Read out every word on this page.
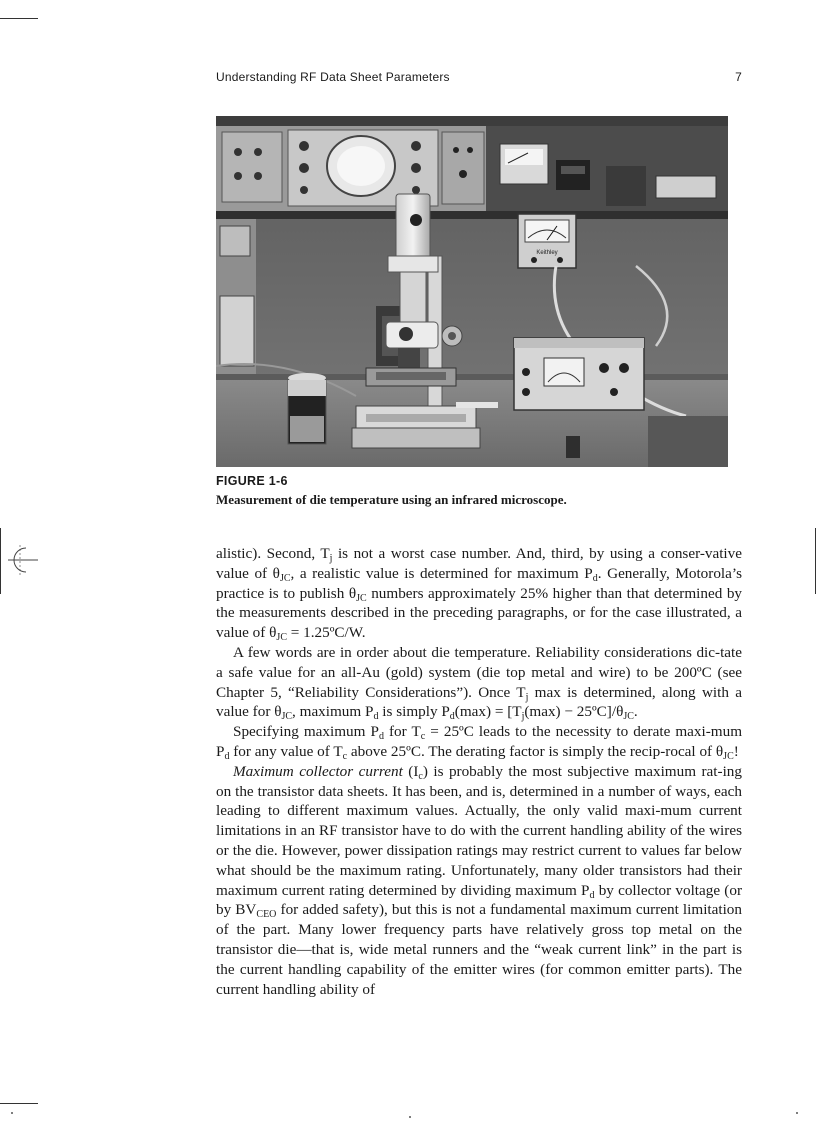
Understanding RF Data Sheet Parameters	7
Keithley
FIGURE 1-6
Measurement of die temperature using an infrared microscope.

alistic). Second, $T_j$ is not a worst case number. And, third, by using a conser-vative value of $\theta_{JC}$, a realistic value is determined for maximum $P_d$. Generally, Motorola’s practice is to publish $\theta_{JC}$ numbers approximately 25% higher than that determined by the measurements described in the preceding paragraphs, or for the case illustrated, a value of $\theta_{JC}$ = 1.25ºC/W.

A few words are in order about die temperature. Reliability considerations dic-tate a safe value for an all-Au (gold) system (die top metal and wire) to be 200ºC (see Chapter 5, “Reliability Considerations”). Once $T_j$ max is determined, along with a value for $\theta_{JC}$, maximum $P_d$ is simply $P_d(\max) = [T_j(\max)$ − $25ºC]/\theta_{JC}$.

Specifying maximum $P_d$ for $T_c$ = 25ºC leads to the necessity to derate maxi-mum $P_d$ for any value of $T_c$ above 25ºC. The derating factor is simply the recip-rocal of $\theta_{JC}$!

Maximum collector current $(I_c)$ is probably the most subjective maximum rat-ing on the transistor data sheets. It has been, and is, determined in a number of ways, each leading to different maximum values. Actually, the only valid maxi-mum current limitations in an RF transistor have to do with the current handling ability of the wires or the die. However, power dissipation ratings may restrict current to values far below what should be the maximum rating. Unfortunately, many older transistors had their maximum current rating determined by dividing maximum $P_d$ by collector voltage (or by $BV_{CEO}$ for added safety), but this is not a fundamental maximum current limitation of the part. Many lower frequency parts have relatively gross top metal on the transistor die—that is, wide metal runners and the “weak current link” in the part is the current handling capability of the emitter wires (for common emitter parts). The current handling ability of
